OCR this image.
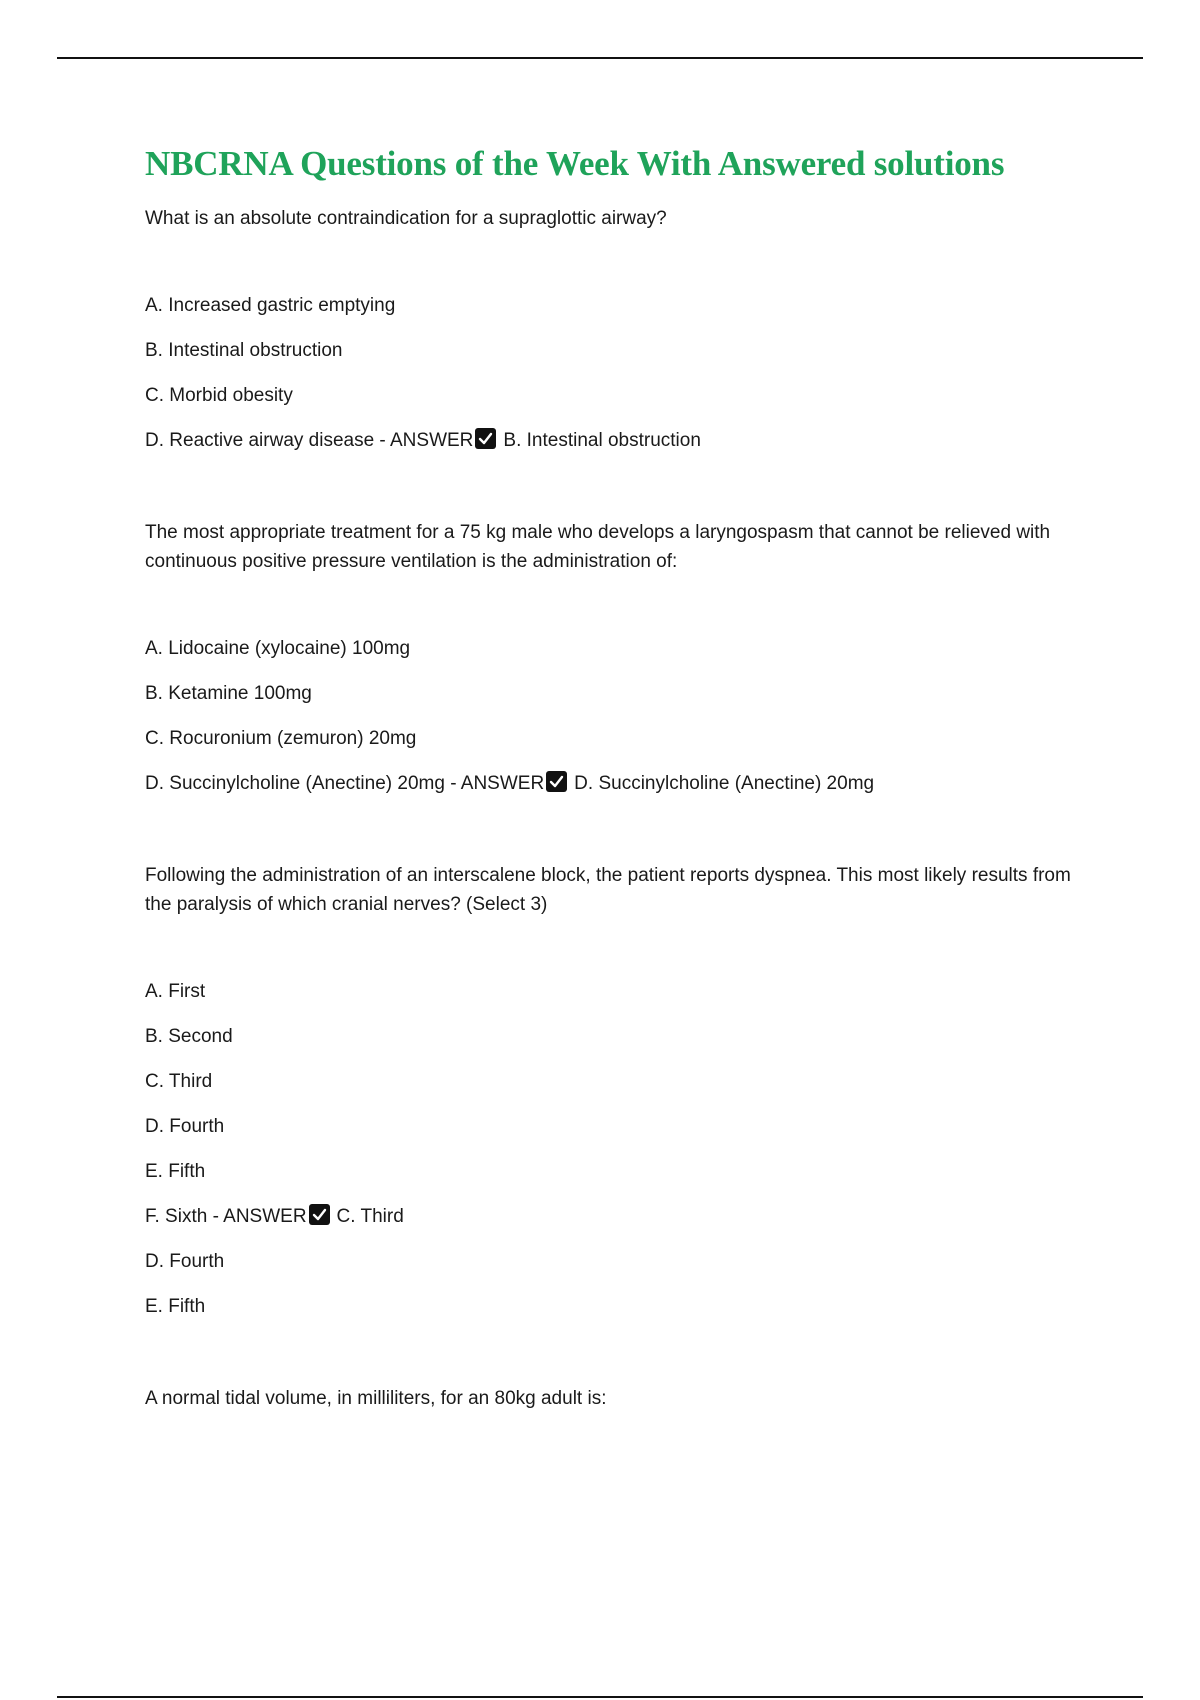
NBCRNA Questions of the Week With Answered solutions

What is an absolute contraindication for a supraglottic airway?

A. Increased gastric emptying
B. Intestinal obstruction
C. Morbid obesity
D. Reactive airway disease - ANSWER B. Intestinal obstruction

The most appropriate treatment for a 75 kg male who develops a laryngospasm that cannot be relieved with continuous positive pressure ventilation is the administration of:

A. Lidocaine (xylocaine) 100mg
B. Ketamine 100mg
C. Rocuronium (zemuron) 20mg
D. Succinylcholine (Anectine) 20mg - ANSWER D. Succinylcholine (Anectine) 20mg

Following the administration of an interscalene block, the patient reports dyspnea. This most likely results from the paralysis of which cranial nerves? (Select 3)

A. First
B. Second
C. Third
D. Fourth
E. Fifth
F. Sixth - ANSWER C. Third
D. Fourth
E. Fifth

A normal tidal volume, in milliliters, for an 80kg adult is:
